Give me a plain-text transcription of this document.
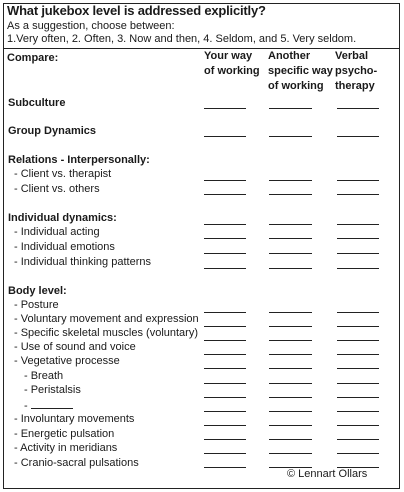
What jukebox level is addressed explicitly?
As a suggestion, choose between:
1.Very often, 2. Often, 3. Now and then, 4. Seldom, and 5. Very seldom.
Compare:	Your way
of working
Another
specific way
of working
Verbal
psycho-
therapy
Subculture
Group Dynamics
Relations - Interpersonally:
- Client vs. therapist
- Client vs. others
Individual dynamics:
- Individual acting
- Individual emotions
- Individual thinking patterns
Body level:
- Posture
- Voluntary movement and expression
- Specific skeletal muscles (voluntary)
- Use of sound and voice
- Vegetative processe
- Breath
- Peristalsis
-
- Involuntary movements
- Energetic pulsation
- Activity in meridians
- Cranio-sacral pulsations
© Lennart Ollars
